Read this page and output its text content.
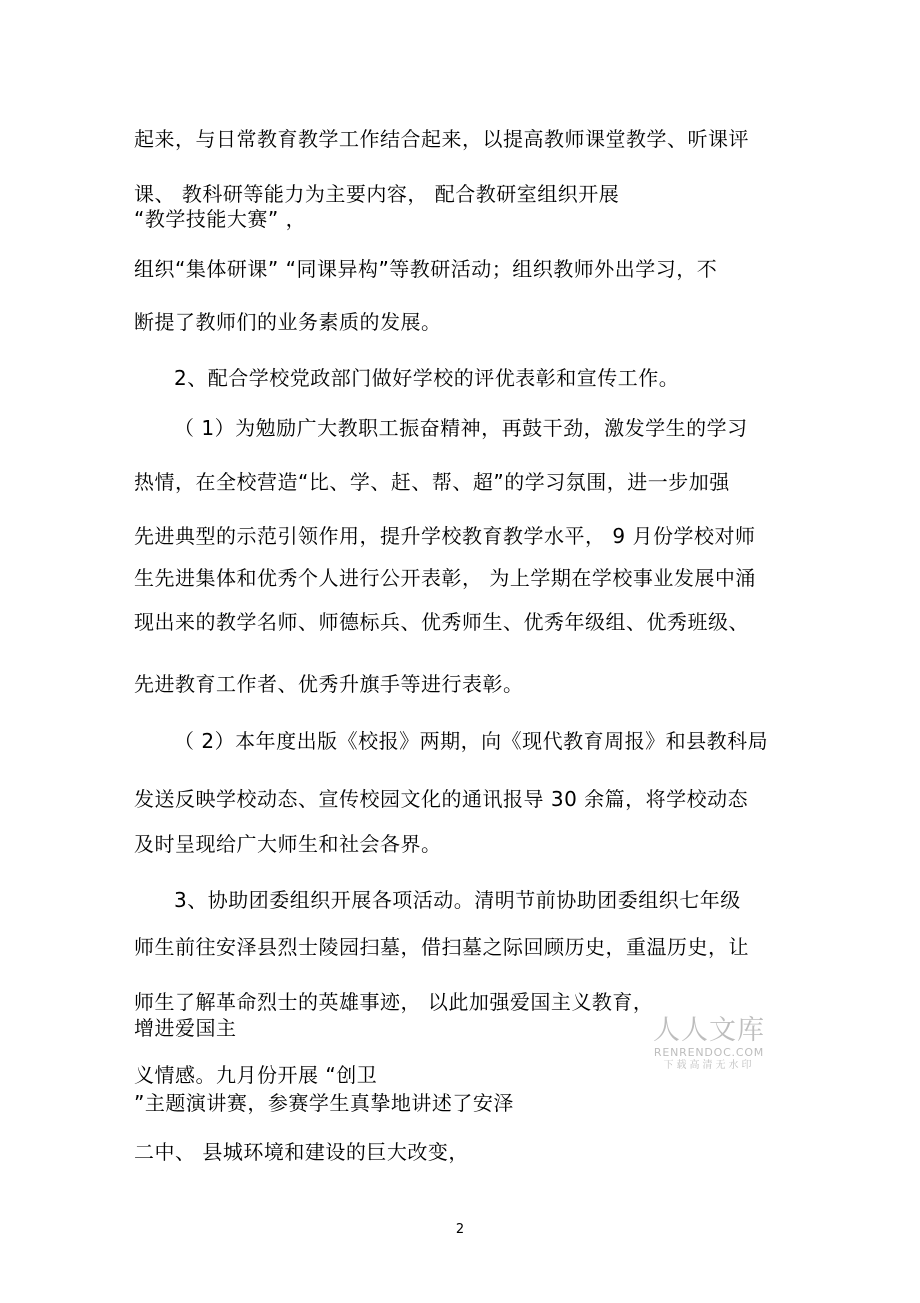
起来，与日常教育教学工作结合起来，以提高教师课堂教学、听课评
课、 教科研等能力为主要内容， 配合教研室组织开展
“教学技能大赛” ，
组织“集体研课” “同课异构”等教研活动；组织教师外出学习，不
断提了教师们的业务素质的发展。
2、配合学校党政部门做好学校的评优表彰和宣传工作。
（ 1）为勉励广大教职工振奋精神，再鼓干劲，激发学生的学习
热情，在全校营造“比、学、赶、帮、超”的学习氛围，进一步加强
先进典型的示范引领作用，提升学校教育教学水平， 9 月份学校对师
生先进集体和优秀个人进行公开表彰， 为上学期在学校事业发展中涌
现出来的教学名师、师德标兵、优秀师生、优秀年级组、优秀班级、
先进教育工作者、优秀升旗手等进行表彰。
（ 2）本年度出版《校报》两期，向《现代教育周报》和县教科局
发送反映学校动态、宣传校园文化的通讯报导 30 余篇，将学校动态
及时呈现给广大师生和社会各界。
3、协助团委组织开展各项活动。清明节前协助团委组织七年级
师生前往安泽县烈士陵园扫墓，借扫墓之际回顾历史，重温历史，让
师生了解革命烈士的英雄事迹， 以此加强爱国主义教育，
增进爱国主
义情感。九月份开展 “创卫
”主题演讲赛，参赛学生真挚地讲述了安泽
二中、 县城环境和建设的巨大改变，
人人文库
RENRENDOC.COM
下载高清无水印
2
